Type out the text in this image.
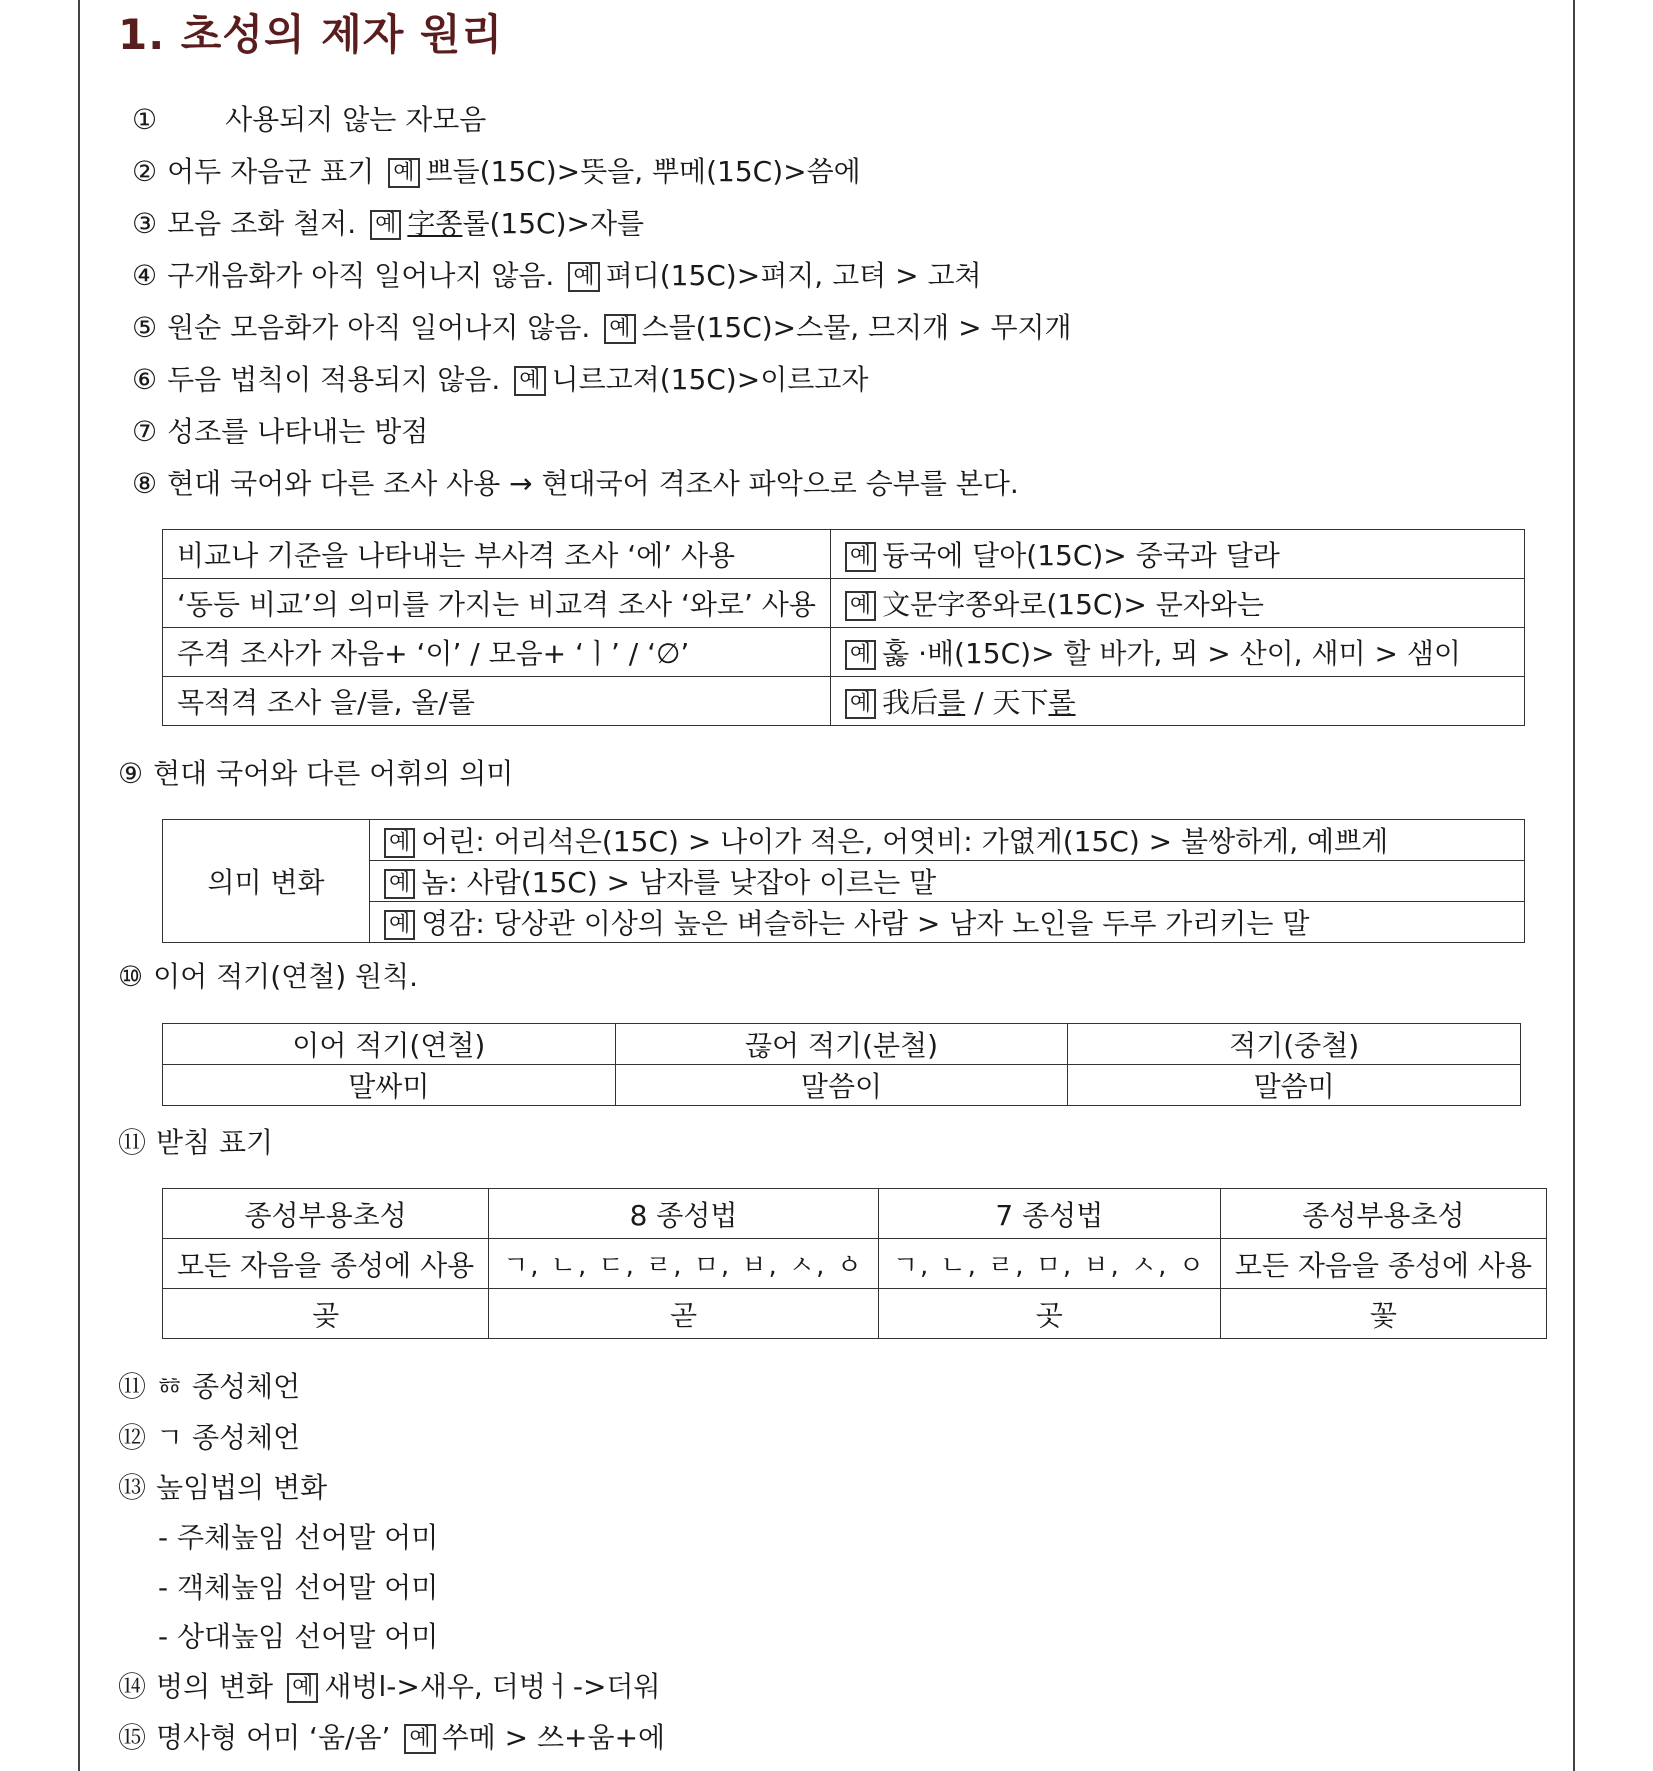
1. 초성의 제자 원리
① 사용되지 않는 자모음
② 어두 자음군 표기 예 쁘들(15C)>뜻을, 뿌메(15C)>씀에
③ 모음 조화 철저. 예 字쫑롤(15C)>자를
④ 구개음화가 아직 일어나지 않음. 예 펴디(15C)>펴지, 고텨 > 고쳐
⑤ 원순 모음화가 아직 일어나지 않음. 예 스믈(15C)>스물, 므지개 > 무지개
⑥ 두음 법칙이 적용되지 않음. 예 니르고져(15C)>이르고자
⑦ 성조를 나타내는 방점
⑧ 현대 국어와 다른 조사 사용 → 현대국어 격조사 파악으로 승부를 본다.
비교나 기준을 나타내는 부사격 조사 ‘에’ 사용	예 듕국에 달아(15C)> 중국과 달라
‘동등 비교’의 의미를 가지는 비교격 조사 ‘와로’ 사용	예 文문字쫑와로(15C)> 문자와는
주격 조사가 자음+ ‘이’ / 모음+ ‘ㅣ’ / ‘∅’	예 홇 ·배(15C)> 할 바가, 뫼 > 산이, 새미 > 샘이
목적격 조사 을/를, 올/롤	예 我后를 / 天下롤
⑨ 현대 국어와 다른 어휘의 의미
의미 변화	예 어린: 어리석은(15C) > 나이가 적은, 어엿비: 가엾게(15C) > 불쌍하게, 예쁘게
예 놈: 사람(15C) > 남자를 낮잡아 이르는 말
예 영감: 당상관 이상의 높은 벼슬하는 사람 > 남자 노인을 두루 가리키는 말
⑩ 이어 적기(연철) 원칙.
이어 적기(연철)	끊어 적기(분철)	적기(중철)
말싸미	말씀이	말씀미
⑪ 받침 표기
종성부용초성	8 종성법	7 종성법	종성부용초성
모든 자음을 종성에 사용	ㄱ, ㄴ, ㄷ, ㄹ, ㅁ, ㅂ, ㅅ, ㆁ	ㄱ, ㄴ, ㄹ, ㅁ, ㅂ, ㅅ, ㅇ	모든 자음을 종성에 사용
곶	곧	곳	꽃
⑪ ㆅ 종성체언
⑫ ㄱ 종성체언
⑬ 높임법의 변화
- 주체높임 선어말 어미
- 객체높임 선어말 어미
- 상대높임 선어말 어미
⑭ 벙의 변화 예 새벙l->새우, 더벙ㅓ->더워
⑮ 명사형 어미 ‘움/옴’ 예 쑤메 > 쓰+움+에
